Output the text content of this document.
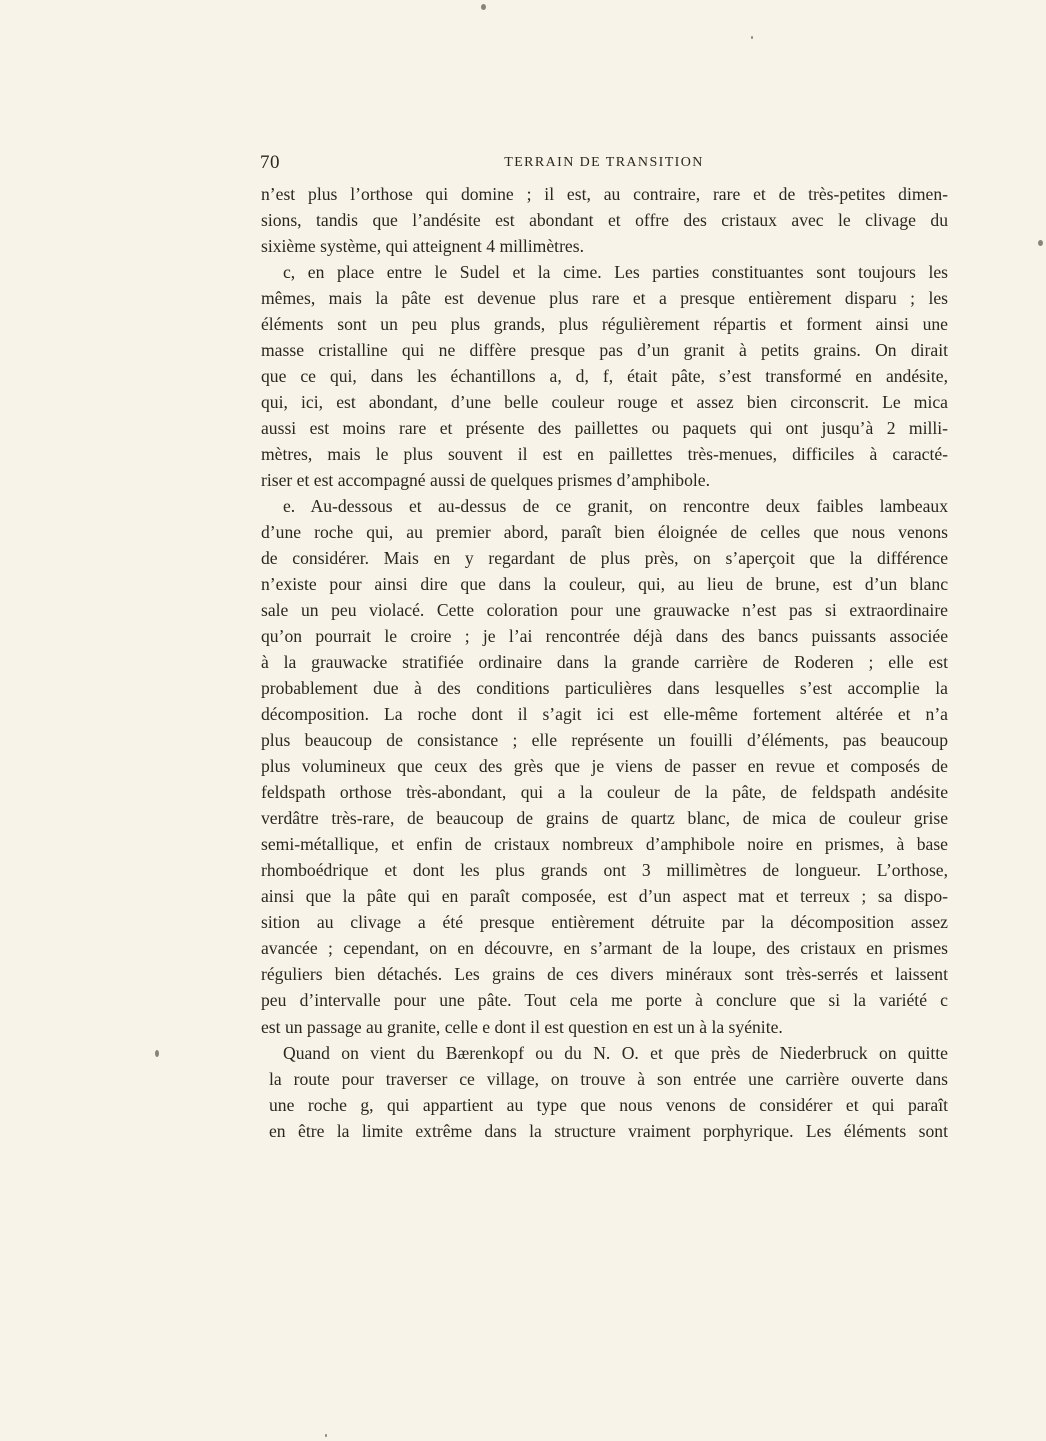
70	TERRAIN DE TRANSITION
n’est plus l’orthose qui domine ; il est, au contraire, rare et de très-petites dimen-
sions, tandis que l’andésite est abondant et offre des cristaux avec le clivage du
sixième système, qui atteignent 4 millimètres.
c, en place entre le Sudel et la cime. Les parties constituantes sont toujours les
mêmes, mais la pâte est devenue plus rare et a presque entièrement disparu ; les
éléments sont un peu plus grands, plus régulièrement répartis et forment ainsi une
masse cristalline qui ne diffère presque pas d’un granit à petits grains. On dirait
que ce qui, dans les échantillons a, d, f, était pâte, s’est transformé en andésite,
qui, ici, est abondant, d’une belle couleur rouge et assez bien circonscrit. Le mica
aussi est moins rare et présente des paillettes ou paquets qui ont jusqu’à 2 milli-
mètres, mais le plus souvent il est en paillettes très-menues, difficiles à caracté-
riser et est accompagné aussi de quelques prismes d’amphibole.
e. Au-dessous et au-dessus de ce granit, on rencontre deux faibles lambeaux
d’une roche qui, au premier abord, paraît bien éloignée de celles que nous venons
de considérer. Mais en y regardant de plus près, on s’aperçoit que la différence
n’existe pour ainsi dire que dans la couleur, qui, au lieu de brune, est d’un blanc
sale un peu violacé. Cette coloration pour une grauwacke n’est pas si extraordinaire
qu’on pourrait le croire ; je l’ai rencontrée déjà dans des bancs puissants associée
à la grauwacke stratifiée ordinaire dans la grande carrière de Roderen ; elle est
probablement due à des conditions particulières dans lesquelles s’est accomplie la
décomposition. La roche dont il s’agit ici est elle-même fortement altérée et n’a
plus beaucoup de consistance ; elle représente un fouilli d’éléments, pas beaucoup
plus volumineux que ceux des grès que je viens de passer en revue et composés de
feldspath orthose très-abondant, qui a la couleur de la pâte, de feldspath andésite
verdâtre très-rare, de beaucoup de grains de quartz blanc, de mica de couleur grise
semi-métallique, et enfin de cristaux nombreux d’amphibole noire en prismes, à base
rhomboédrique et dont les plus grands ont 3 millimètres de longueur. L’orthose,
ainsi que la pâte qui en paraît composée, est d’un aspect mat et terreux ; sa dispo-
sition au clivage a été presque entièrement détruite par la décomposition assez
avancée ; cependant, on en découvre, en s’armant de la loupe, des cristaux en prismes
réguliers bien détachés. Les grains de ces divers minéraux sont très-serrés et laissent
peu d’intervalle pour une pâte. Tout cela me porte à conclure que si la variété c
est un passage au granite, celle e dont il est question en est un à la syénite.
Quand on vient du Bærenkopf ou du N. O. et que près de Niederbruck on quitte
la route pour traverser ce village, on trouve à son entrée une carrière ouverte dans
une roche g, qui appartient au type que nous venons de considérer et qui paraît
en être la limite extrême dans la structure vraiment porphyrique. Les éléments sont
